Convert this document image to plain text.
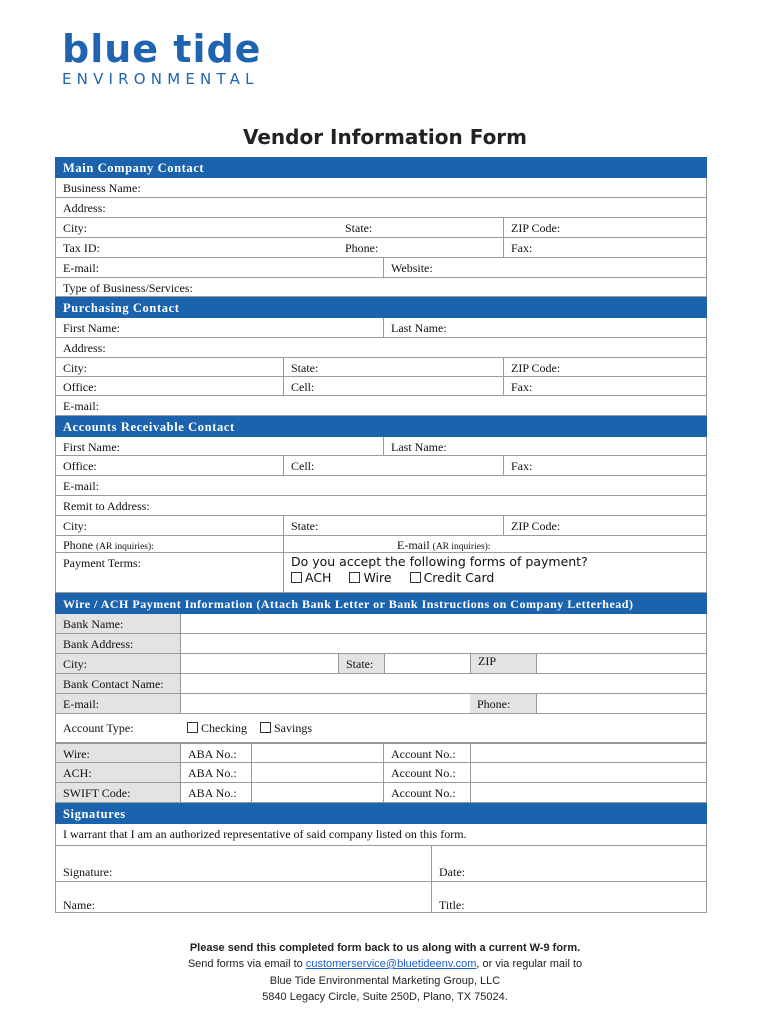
blue tide
ENVIRONMENTAL
Vendor Information Form
Main Company Contact
Business Name:
Address:
City:	State:	ZIP Code:
Tax ID:	Phone:	Fax:
E-mail:	Website:
Type of Business/Services:
Purchasing Contact
First Name:	Last Name:
Address:
City:	State:	ZIP Code:
Office:	Cell:	Fax:
E-mail:
Accounts Receivable Contact
First Name:	Last Name:
Office:	Cell:	Fax:
E-mail:
Remit to Address:
City:	State:	ZIP Code:
Phone (AR inquiries):	E-mail (AR inquiries):
Payment Terms:	Do you accept the following forms of payment?
ACH	Wire	Credit Card
Wire / ACH Payment Information (Attach Bank Letter or Bank Instructions on Company Letterhead)
Bank Name:
Bank Address:
City:	State:	ZIP
Bank Contact Name:
E-mail:	Phone:
Account Type:	Checking Savings
Wire:	ABA No.:	Account No.:
ACH:	ABA No.:	Account No.:
SWIFT Code:	ABA No.:	Account No.:
Signatures
I warrant that I am an authorized representative of said company listed on this form.
Signature:	Date:
Name:	Title:
Please send this completed form back to us along with a current W-9 form.
Send forms via email to customerservice@bluetideenv.com, or via regular mail to
Blue Tide Environmental Marketing Group, LLC
5840 Legacy Circle, Suite 250D, Plano, TX 75024.
